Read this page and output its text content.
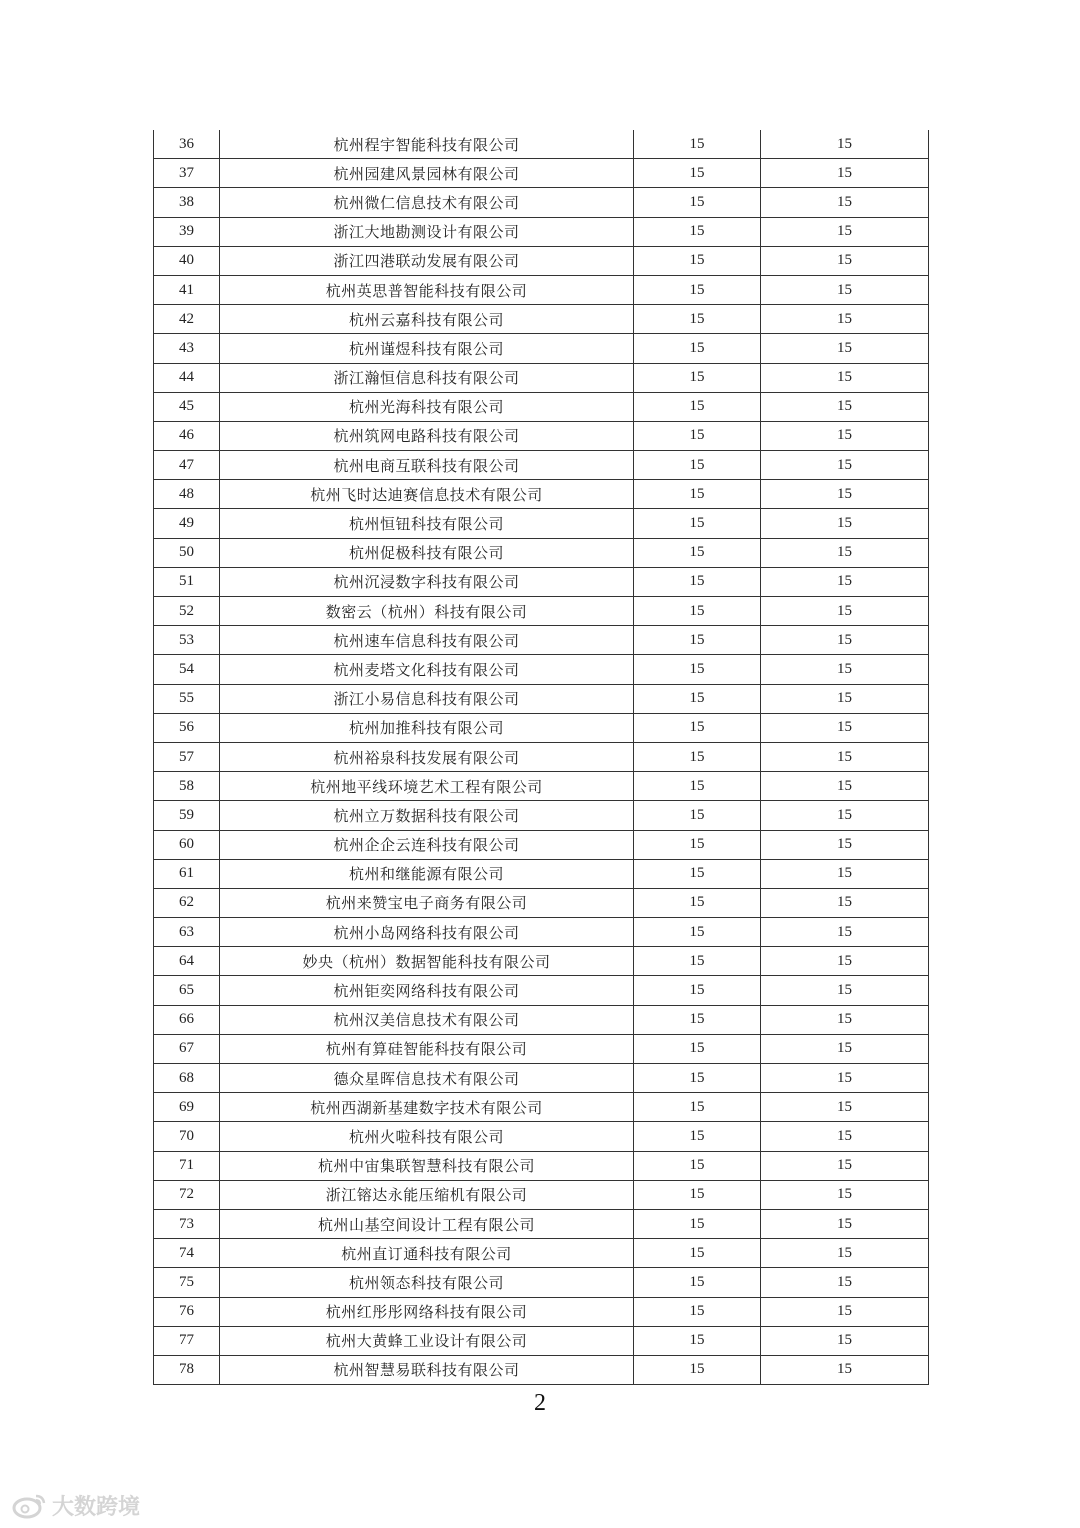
36	杭州程宇智能科技有限公司	15	15
37	杭州园建风景园林有限公司	15	15
38	杭州微仁信息技术有限公司	15	15
39	浙江大地勘测设计有限公司	15	15
40	浙江四港联动发展有限公司	15	15
41	杭州英思普智能科技有限公司	15	15
42	杭州云嘉科技有限公司	15	15
43	杭州谨煜科技有限公司	15	15
44	浙江瀚恒信息科技有限公司	15	15
45	杭州光海科技有限公司	15	15
46	杭州筑网电路科技有限公司	15	15
47	杭州电商互联科技有限公司	15	15
48	杭州飞时达迪赛信息技术有限公司	15	15
49	杭州恒钮科技有限公司	15	15
50	杭州促极科技有限公司	15	15
51	杭州沉浸数字科技有限公司	15	15
52	数密云（杭州）科技有限公司	15	15
53	杭州速车信息科技有限公司	15	15
54	杭州麦塔文化科技有限公司	15	15
55	浙江小易信息科技有限公司	15	15
56	杭州加推科技有限公司	15	15
57	杭州裕泉科技发展有限公司	15	15
58	杭州地平线环境艺术工程有限公司	15	15
59	杭州立万数据科技有限公司	15	15
60	杭州企企云连科技有限公司	15	15
61	杭州和继能源有限公司	15	15
62	杭州来赞宝电子商务有限公司	15	15
63	杭州小岛网络科技有限公司	15	15
64	妙央（杭州）数据智能科技有限公司	15	15
65	杭州钜奕网络科技有限公司	15	15
66	杭州汉美信息技术有限公司	15	15
67	杭州有算硅智能科技有限公司	15	15
68	德众星晖信息技术有限公司	15	15
69	杭州西湖新基建数字技术有限公司	15	15
70	杭州火啦科技有限公司	15	15
71	杭州中宙集联智慧科技有限公司	15	15
72	浙江镕达永能压缩机有限公司	15	15
73	杭州山基空间设计工程有限公司	15	15
74	杭州直订通科技有限公司	15	15
75	杭州领态科技有限公司	15	15
76	杭州红彤彤网络科技有限公司	15	15
77	杭州大黄蜂工业设计有限公司	15	15
78	杭州智慧易联科技有限公司	15	15
2
大数跨境
